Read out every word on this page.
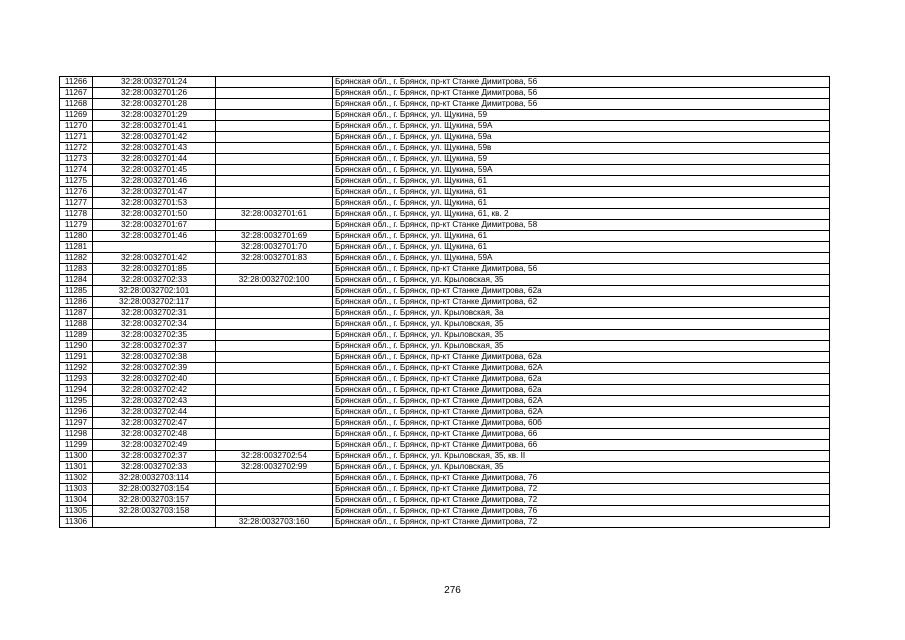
11266	32:28:0032701:24		Брянская обл., г. Брянск, пр-кт Станке Димитрова, 56
11267	32:28:0032701:26		Брянская обл., г. Брянск, пр-кт Станке Димитрова, 56
11268	32:28:0032701:28		Брянская обл., г. Брянск, пр-кт Станке Димитрова, 56
11269	32:28:0032701:29		Брянская обл., г. Брянск, ул. Щукина, 59
11270	32:28:0032701:41		Брянская обл., г. Брянск, ул. Щукина, 59А
11271	32:28:0032701:42		Брянская обл., г. Брянск, ул. Щукина, 59а
11272	32:28:0032701:43		Брянская обл., г. Брянск, ул. Щукина, 59в
11273	32:28:0032701:44		Брянская обл., г. Брянск, ул. Щукина, 59
11274	32:28:0032701:45		Брянская обл., г. Брянск, ул. Щукина, 59А
11275	32:28:0032701:46		Брянская обл., г. Брянск, ул. Щукина, 61
11276	32:28:0032701:47		Брянская обл., г. Брянск, ул. Щукина, 61
11277	32:28:0032701:53		Брянская обл., г. Брянск, ул. Щукина, 61
11278	32:28:0032701:50	32:28:0032701:61	Брянская обл., г. Брянск, ул. Щукина, 61, кв. 2
11279	32:28:0032701:67		Брянская обл., г. Брянск, пр-кт Станке Димитрова, 58
11280	32:28:0032701:46	32:28:0032701:69	Брянская обл., г. Брянск, ул. Щукина, 61
11281		32:28:0032701:70	Брянская обл., г. Брянск, ул. Щукина, 61
11282	32:28:0032701:42	32:28:0032701:83	Брянская обл., г. Брянск, ул. Щукина, 59А
11283	32:28:0032701:85		Брянская обл., г. Брянск, пр-кт Станке Димитрова, 56
11284	32:28:0032702:33	32:28:0032702:100	Брянская обл., г. Брянск, ул. Крыловская, 35
11285	32:28:0032702:101		Брянская обл., г. Брянск, пр-кт Станке Димитрова, 62а
11286	32:28:0032702:117		Брянская обл., г. Брянск, пр-кт Станке Димитрова, 62
11287	32:28:0032702:31		Брянская обл., г. Брянск, ул. Крыловская, 3а
11288	32:28:0032702:34		Брянская обл., г. Брянск, ул. Крыловская, 35
11289	32:28:0032702:35		Брянская обл., г. Брянск, ул. Крыловская, 35
11290	32:28:0032702:37		Брянская обл., г. Брянск, ул. Крыловская, 35
11291	32:28:0032702:38		Брянская обл., г. Брянск, пр-кт Станке Димитрова, 62а
11292	32:28:0032702:39		Брянская обл., г. Брянск, пр-кт Станке Димитрова, 62А
11293	32:28:0032702:40		Брянская обл., г. Брянск, пр-кт Станке Димитрова, 62а
11294	32:28:0032702:42		Брянская обл., г. Брянск, пр-кт Станке Димитрова, 62а
11295	32:28:0032702:43		Брянская обл., г. Брянск, пр-кт Станке Димитрова, 62А
11296	32:28:0032702:44		Брянская обл., г. Брянск, пр-кт Станке Димитрова, 62А
11297	32:28:0032702:47		Брянская обл., г. Брянск, пр-кт Станке Димитрова, 60б
11298	32:28:0032702:48		Брянская обл., г. Брянск, пр-кт Станке Димитрова, 66
11299	32:28:0032702:49		Брянская обл., г. Брянск, пр-кт Станке Димитрова, 66
11300	32:28:0032702:37	32:28:0032702:54	Брянская обл., г. Брянск, ул. Крыловская, 35, кв. II
11301	32:28:0032702:33	32:28:0032702:99	Брянская обл., г. Брянск, ул. Крыловская, 35
11302	32:28:0032703:114		Брянская обл., г. Брянск, пр-кт Станке Димитрова, 76
11303	32:28:0032703:154		Брянская обл., г. Брянск, пр-кт Станке Димитрова, 72
11304	32:28:0032703:157		Брянская обл., г. Брянск, пр-кт Станке Димитрова, 72
11305	32:28:0032703:158		Брянская обл., г. Брянск, пр-кт Станке Димитрова, 76
11306		32:28:0032703:160	Брянская обл., г. Брянск, пр-кт Станке Димитрова, 72
276
